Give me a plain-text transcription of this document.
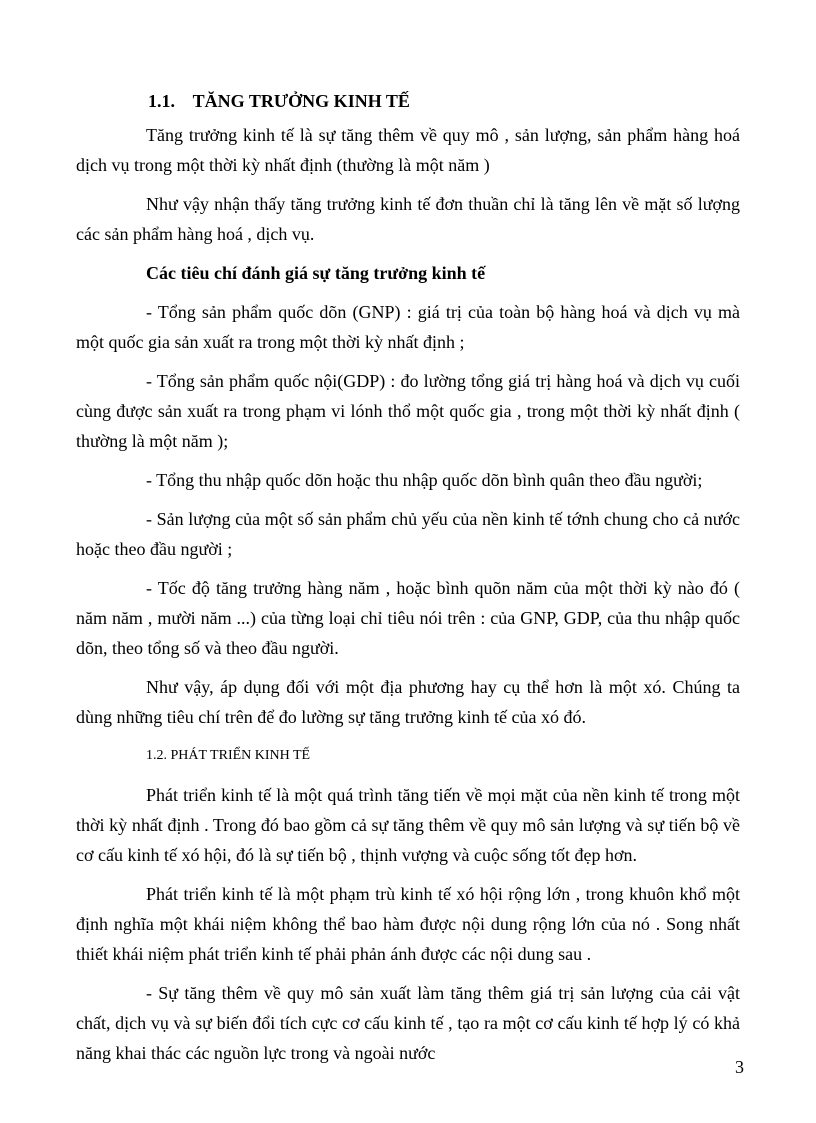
1.1.    TĂNG TRƯỞNG KINH TẾ

Tăng trưởng kinh tế là sự tăng thêm về quy mô , sản lượng, sản phẩm hàng hoá dịch vụ trong một thời kỳ nhất định (thường là một năm )

Như vậy nhận thấy tăng trưởng kinh tế đơn thuần chỉ là tăng lên về mặt số lượng các sản phẩm hàng hoá , dịch vụ.

Các tiêu chí đánh giá sự tăng trưởng kinh tế

- Tổng sản phẩm quốc dõn (GNP) : giá trị của toàn bộ hàng hoá và dịch vụ mà một quốc gia sản xuất ra trong một thời kỳ nhất định ;

- Tổng sản phẩm quốc nội(GDP) : đo lường tổng giá trị hàng hoá và dịch vụ cuối cùng được sản xuất ra trong phạm vi lónh thổ một quốc gia , trong một thời kỳ nhất định ( thường là một năm );

- Tổng thu nhập quốc dõn hoặc thu nhập quốc dõn bình quân theo đầu người;

- Sản lượng của một số sản phẩm chủ yếu của nền kinh tế tớnh chung cho cả nước hoặc theo đầu người ;

- Tốc độ tăng trưởng hàng năm , hoặc bình quõn năm của một thời kỳ nào đó ( năm năm , mười năm ...) của từng loại chỉ tiêu nói trên : của GNP, GDP, của thu nhập quốc dõn, theo tổng số và theo đầu người.

Như vậy, áp dụng đối với một địa phương hay cụ thể hơn là một xó. Chúng ta dùng những tiêu chí trên để đo lường sự tăng trưởng kinh tế của xó đó.

1.2. PHÁT TRIỂN KINH TẾ

Phát triển kinh tế là một quá trình tăng tiến về mọi mặt của nền kinh tế trong một thời kỳ nhất định . Trong đó bao gồm cả sự tăng thêm về quy mô sản lượng và sự tiến bộ về cơ cấu kinh tế xó hội, đó là sự tiến bộ , thịnh vượng và cuộc sống tốt đẹp hơn.

Phát triển kinh tế là một phạm trù kinh tế xó hội rộng lớn , trong khuôn khổ một định nghĩa một khái niệm không thể bao hàm được nội dung rộng lớn của nó . Song nhất thiết khái niệm phát triển kinh tế phải phản ánh được các nội dung sau .

- Sự tăng thêm về quy mô sản xuất làm tăng thêm giá trị sản lượng của cải vật chất, dịch vụ và sự biến đổi tích cực cơ cấu kinh tế , tạo ra một cơ cấu kinh tế hợp lý có khả năng khai thác các nguồn lực trong và ngoài nước

3
